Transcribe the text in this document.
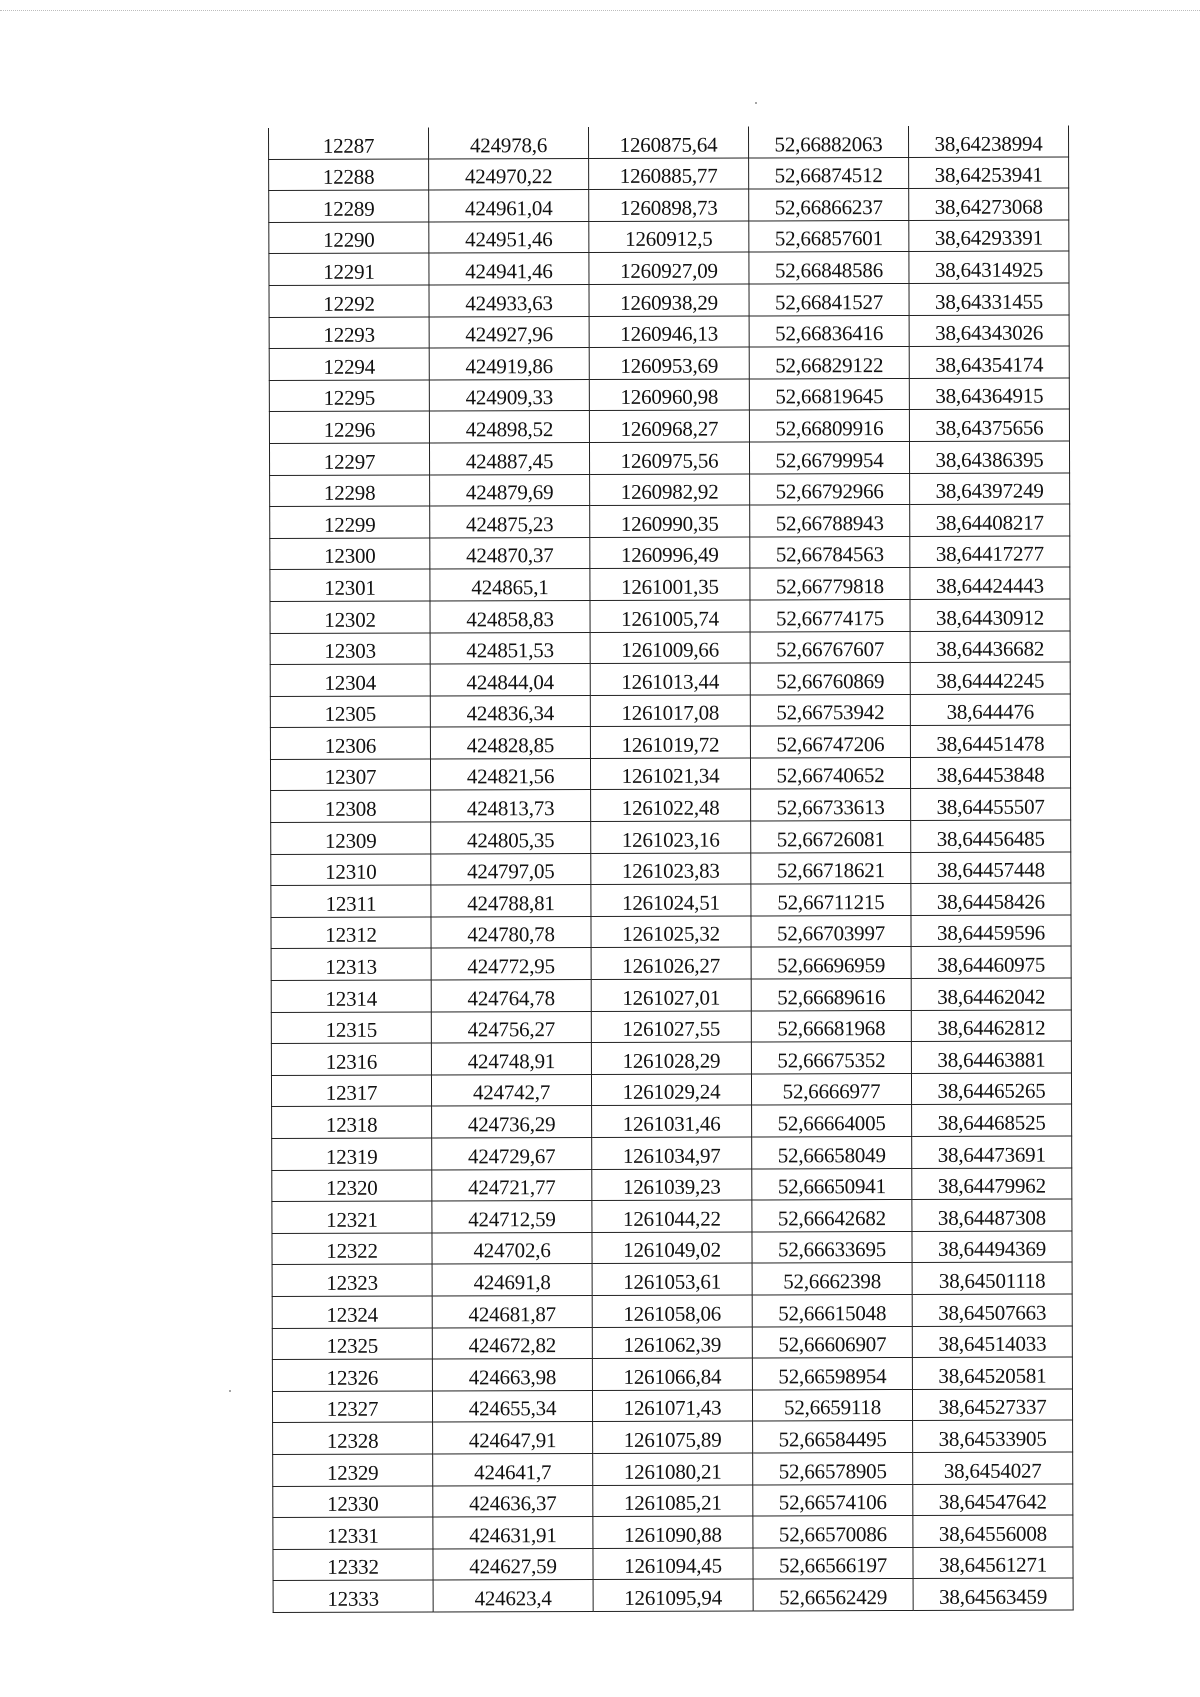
12287	424978,6	1260875,64	52,66882063	38,64238994
12288	424970,22	1260885,77	52,66874512	38,64253941
12289	424961,04	1260898,73	52,66866237	38,64273068
12290	424951,46	1260912,5	52,66857601	38,64293391
12291	424941,46	1260927,09	52,66848586	38,64314925
12292	424933,63	1260938,29	52,66841527	38,64331455
12293	424927,96	1260946,13	52,66836416	38,64343026
12294	424919,86	1260953,69	52,66829122	38,64354174
12295	424909,33	1260960,98	52,66819645	38,64364915
12296	424898,52	1260968,27	52,66809916	38,64375656
12297	424887,45	1260975,56	52,66799954	38,64386395
12298	424879,69	1260982,92	52,66792966	38,64397249
12299	424875,23	1260990,35	52,66788943	38,64408217
12300	424870,37	1260996,49	52,66784563	38,64417277
12301	424865,1	1261001,35	52,66779818	38,64424443
12302	424858,83	1261005,74	52,66774175	38,64430912
12303	424851,53	1261009,66	52,66767607	38,64436682
12304	424844,04	1261013,44	52,66760869	38,64442245
12305	424836,34	1261017,08	52,66753942	38,644476
12306	424828,85	1261019,72	52,66747206	38,64451478
12307	424821,56	1261021,34	52,66740652	38,64453848
12308	424813,73	1261022,48	52,66733613	38,64455507
12309	424805,35	1261023,16	52,66726081	38,64456485
12310	424797,05	1261023,83	52,66718621	38,64457448
12311	424788,81	1261024,51	52,66711215	38,64458426
12312	424780,78	1261025,32	52,66703997	38,64459596
12313	424772,95	1261026,27	52,66696959	38,64460975
12314	424764,78	1261027,01	52,66689616	38,64462042
12315	424756,27	1261027,55	52,66681968	38,64462812
12316	424748,91	1261028,29	52,66675352	38,64463881
12317	424742,7	1261029,24	52,6666977	38,64465265
12318	424736,29	1261031,46	52,66664005	38,64468525
12319	424729,67	1261034,97	52,66658049	38,64473691
12320	424721,77	1261039,23	52,66650941	38,64479962
12321	424712,59	1261044,22	52,66642682	38,64487308
12322	424702,6	1261049,02	52,66633695	38,64494369
12323	424691,8	1261053,61	52,6662398	38,64501118
12324	424681,87	1261058,06	52,66615048	38,64507663
12325	424672,82	1261062,39	52,66606907	38,64514033
12326	424663,98	1261066,84	52,66598954	38,64520581
12327	424655,34	1261071,43	52,6659118	38,64527337
12328	424647,91	1261075,89	52,66584495	38,64533905
12329	424641,7	1261080,21	52,66578905	38,6454027
12330	424636,37	1261085,21	52,66574106	38,64547642
12331	424631,91	1261090,88	52,66570086	38,64556008
12332	424627,59	1261094,45	52,66566197	38,64561271
12333	424623,4	1261095,94	52,66562429	38,64563459
